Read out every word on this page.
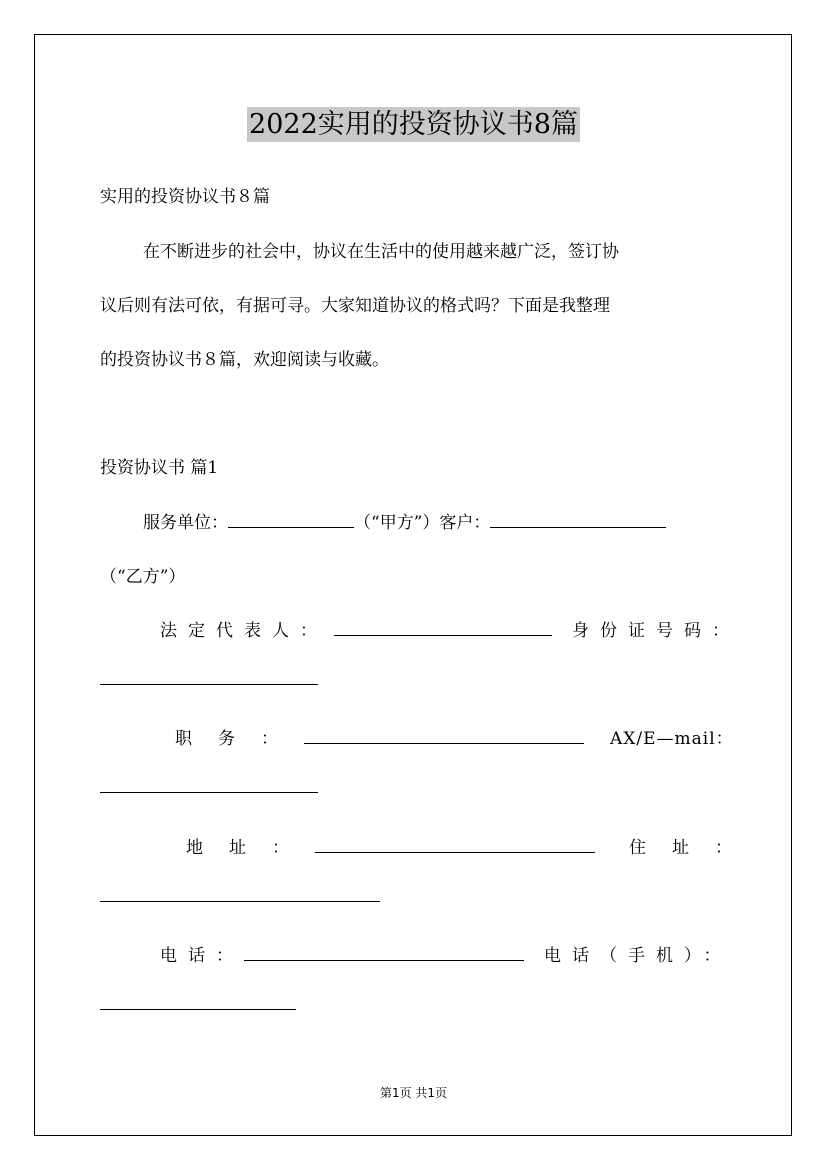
2022实用的投资协议书8篇
实用的投资协议书８篇
在不断进步的社会中，协议在生活中的使用越来越广泛，签订协
议后则有法可依，有据可寻。大家知道协议的格式吗？下面是我整理
的投资协议书８篇，欢迎阅读与收藏。
投资协议书 篇1
服务单位：	（“甲方”）客户：
（“乙方”）
法定代表人：	身份证号码：
职务：	AX/E—mail：
地址：	住址：
电话：	电话（手机）：
第1页 共1页
